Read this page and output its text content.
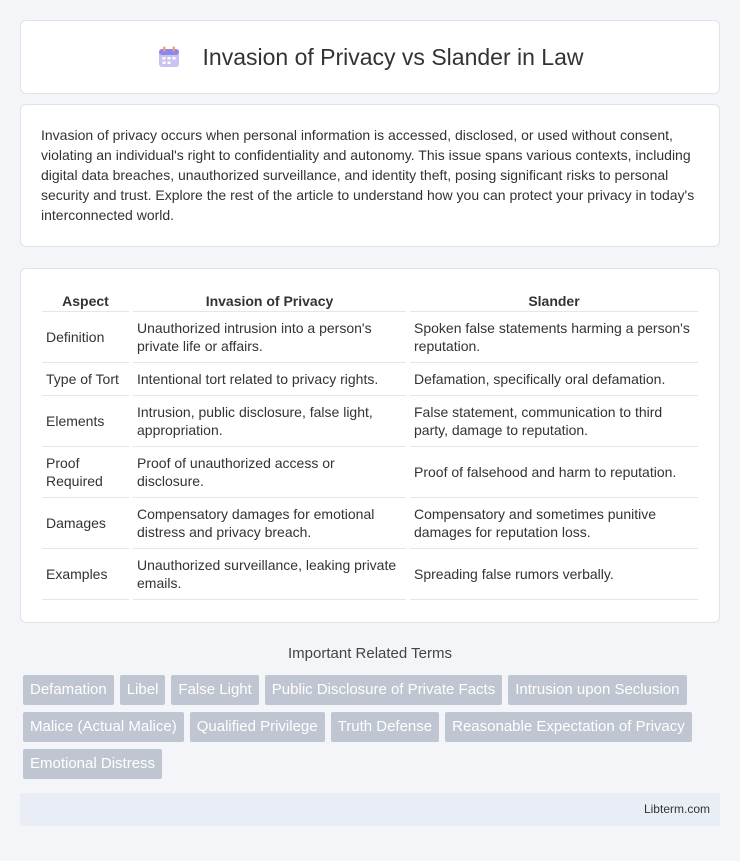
Invasion of Privacy vs Slander in Law

Invasion of privacy occurs when personal information is accessed, disclosed, or used without consent, violating an individual's right to confidentiality and autonomy. This issue spans various contexts, including digital data breaches, unauthorized surveillance, and identity theft, posing significant risks to personal security and trust. Explore the rest of the article to understand how you can protect your privacy in today's interconnected world.

Aspect	Invasion of Privacy	Slander
Definition	Unauthorized intrusion into a person's private life or affairs.	Spoken false statements harming a person's reputation.
Type of Tort	Intentional tort related to privacy rights.	Defamation, specifically oral defamation.
Elements	Intrusion, public disclosure, false light, appropriation.	False statement, communication to third party, damage to reputation.
Proof Required	Proof of unauthorized access or disclosure.	Proof of falsehood and harm to reputation.
Damages	Compensatory damages for emotional distress and privacy breach.	Compensatory and sometimes punitive damages for reputation loss.
Examples	Unauthorized surveillance, leaking private emails.	Spreading false rumors verbally.
Important Related Terms
Defamation	Libel	False Light	Public Disclosure of Private Facts	Intrusion upon Seclusion
Malice (Actual Malice)	Qualified Privilege	Truth Defense	Reasonable Expectation of Privacy
Emotional Distress
Libterm.com
